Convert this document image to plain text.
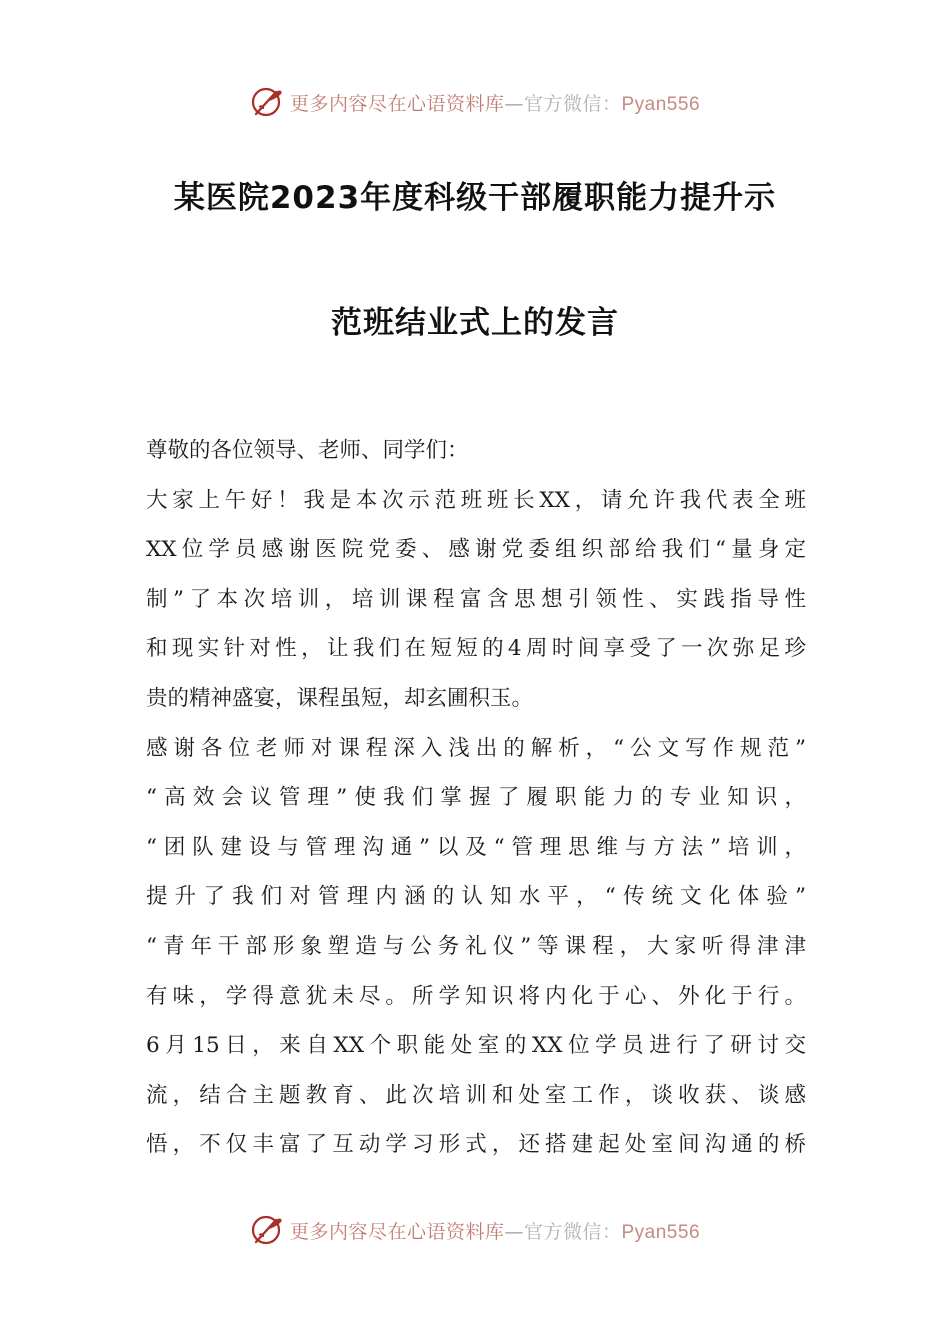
更多内容尽在心语资料库—官方微信：Pyan556
某医院2023年度科级干部履职能力提升示
范班结业式上的发言
尊敬的各位领导、老师、同学们：
大家上午好！我是本次示范班班长XX，请允许我代表全班
XX位学员感谢医院党委、感谢党委组织部给我们“量身定
制”了本次培训，培训课程富含思想引领性、实践指导性
和现实针对性，让我们在短短的4周时间享受了一次弥足珍
贵的精神盛宴，课程虽短，却玄圃积玉。
感谢各位老师对课程深入浅出的解析，“公文写作规范”
“高效会议管理”使我们掌握了履职能力的专业知识，
“团队建设与管理沟通”以及“管理思维与方法”培训，
提升了我们对管理内涵的认知水平，“传统文化体验”
“青年干部形象塑造与公务礼仪”等课程，大家听得津津
有味，学得意犹未尽。所学知识将内化于心、外化于行。
6月15日，来自XX个职能处室的XX位学员进行了研讨交
流，结合主题教育、此次培训和处室工作，谈收获、谈感
悟，不仅丰富了互动学习形式，还搭建起处室间沟通的桥
更多内容尽在心语资料库—官方微信：Pyan556
